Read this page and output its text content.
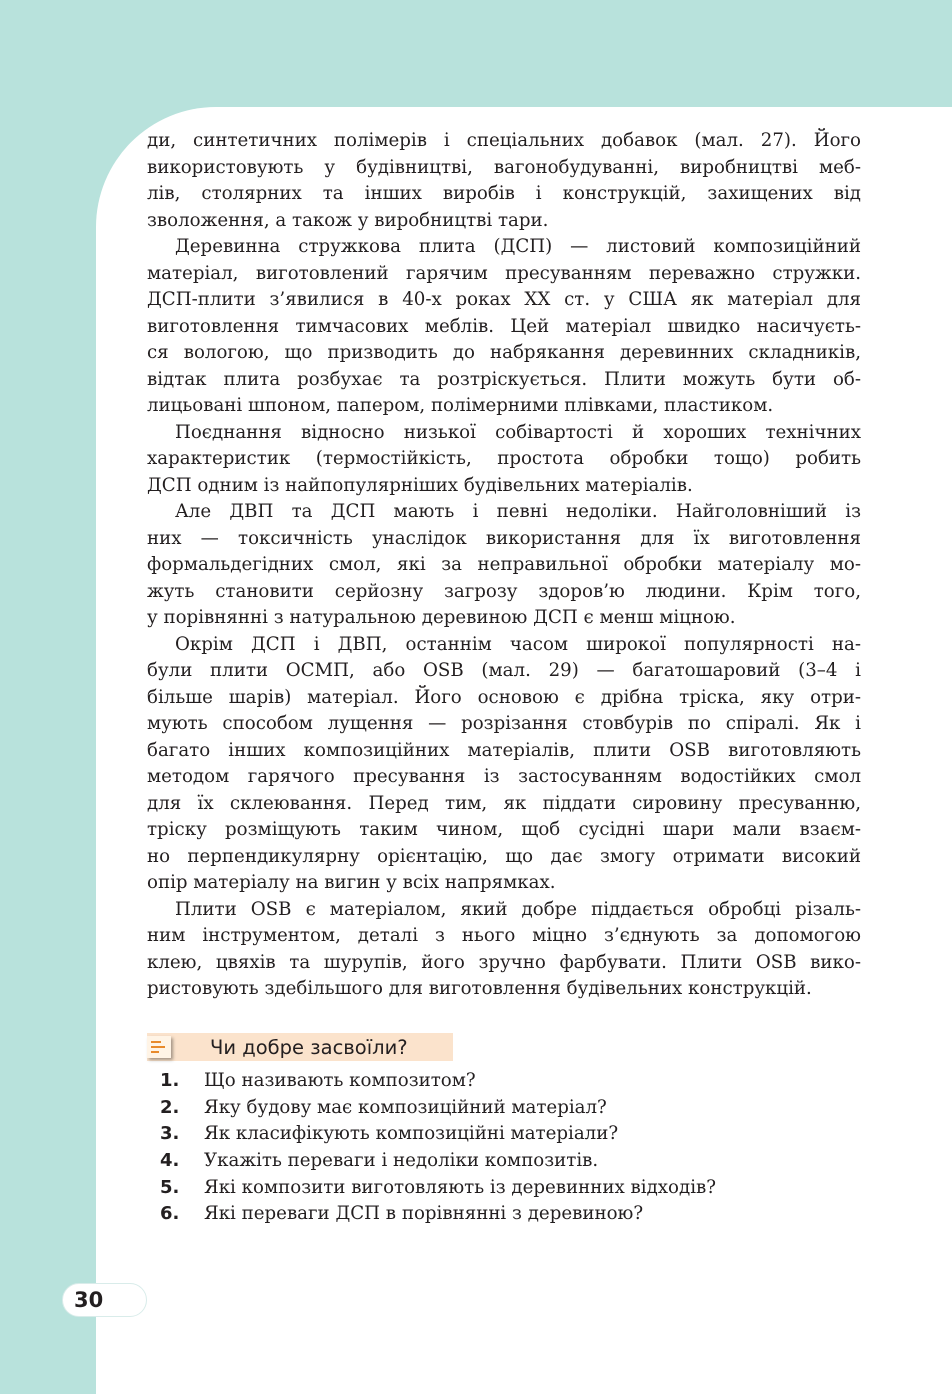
ди, синтетичних полімерів і спеціальних добавок (мал. 27). Його

використовують у будівництві, вагонобудуванні, виробництві меб-

лів, столярних та інших виробів і конструкцій, захищених від

зволоження, а також у виробництві тари.

Деревинна стружкова плита (ДСП) — листовий композиційний

матеріал, виготовлений гарячим пресуванням переважно стружки.

ДСП-плити з’явилися в 40-х роках XX ст. у США як матеріал для

виготовлення тимчасових меблів. Цей матеріал швидко насичуєть-

ся вологою, що призводить до набрякання деревинних складників,

відтак плита розбухає та розтріскується. Плити можуть бути об-

лицьовані шпоном, папером, полімерними плівками, пластиком.

Поєднання відносно низької собівартості й хороших технічних

характеристик (термостійкість, простота обробки тощо) робить

ДСП одним із найпопулярніших будівельних матеріалів.

Але ДВП та ДСП мають і певні недоліки. Найголовніший із

них — токсичність унаслідок використання для їх виготовлення

формальдегідних смол, які за неправильної обробки матеріалу мо-

жуть становити серйозну загрозу здоров’ю людини. Крім того,

у порівнянні з натуральною деревиною ДСП є менш міцною.

Окрім ДСП і ДВП, останнім часом широкої популярності на-

були плити ОСМП, або OSB (мал. 29) — багатошаровий (3–4 і

більше шарів) матеріал. Його основою є дрібна тріска, яку отри-

мують способом лущення — розрізання стовбурів по спіралі. Як і

багато інших композиційних матеріалів, плити OSB виготовляють

методом гарячого пресування із застосуванням водостійких смол

для їх склеювання. Перед тим, як піддати сировину пресуванню,

тріску розміщують таким чином, щоб сусідні шари мали взаєм-

но перпендикулярну орієнтацію, що дає змогу отримати високий

опір матеріалу на вигин у всіх напрямках.

Плити OSB є матеріалом, який добре піддається обробці різаль-

ним інструментом, деталі з нього міцно з’єднують за допомогою

клею, цвяхів та шурупів, його зручно фарбувати. Плити OSB вико-

ристовують здебільшого для виготовлення будівельних конструкцій.

Чи добре засвоїли?
1. Що називають композитом?
2. Яку будову має композиційний матеріал?
3. Як класифікують композиційні матеріали?
4. Укажіть переваги і недоліки композитів.
5. Які композити виготовляють із деревинних відходів?
6. Які переваги ДСП в порівнянні з деревиною?
30
